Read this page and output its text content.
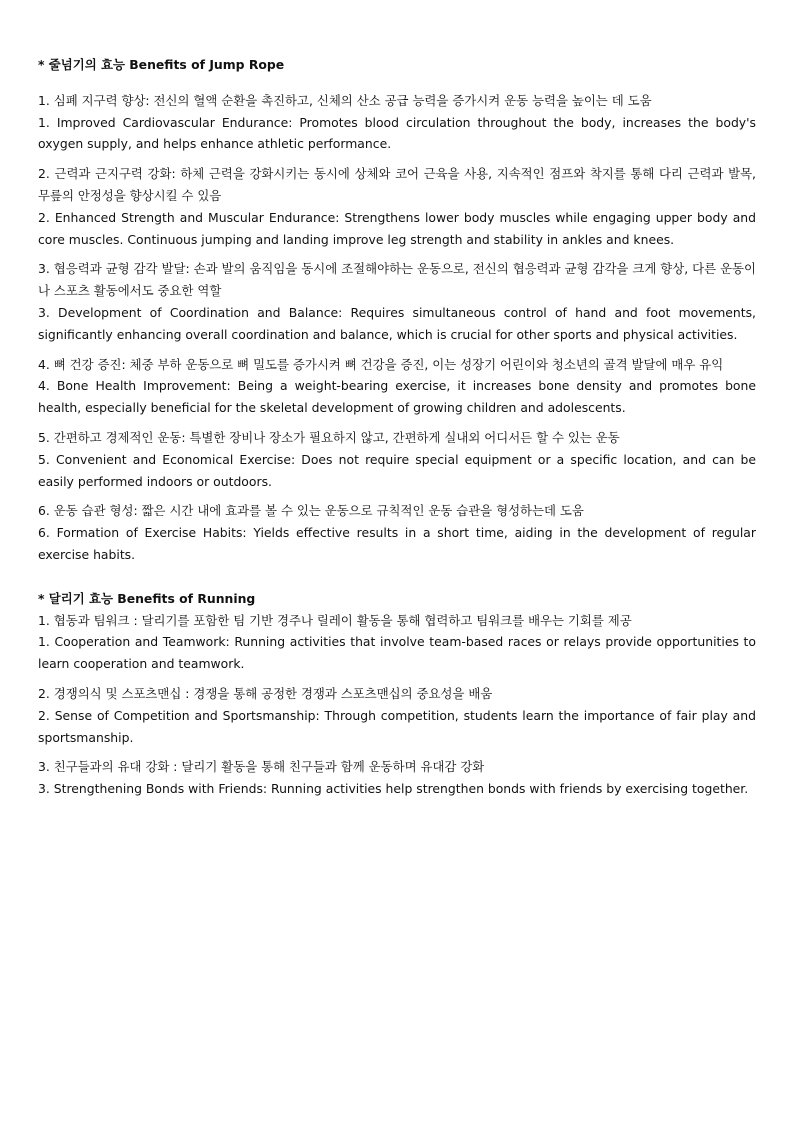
* 줄넘기의 효능 Benefits of Jump Rope

1. 심폐 지구력 향상: 전신의 혈액 순환을 촉진하고, 신체의 산소 공급 능력을 증가시켜 운동 능력을 높이는 데 도움

1. Improved Cardiovascular Endurance: Promotes blood circulation throughout the body, increases the body's oxygen supply, and helps enhance athletic performance.

2. 근력과 근지구력 강화: 하체 근력을 강화시키는 동시에 상체와 코어 근육을 사용, 지속적인 점프와 착지를 통해 다리 근력과 발목, 무릎의 안정성을 향상시킬 수 있음

2. Enhanced Strength and Muscular Endurance: Strengthens lower body muscles while engaging upper body and core muscles. Continuous jumping and landing improve leg strength and stability in ankles and knees.

3. 협응력과 균형 감각 발달: 손과 발의 움직임을 동시에 조절해야하는 운동으로, 전신의 협응력과 균형 감각을 크게 향상, 다른 운동이나 스포츠 활동에서도 중요한 역할

3. Development of Coordination and Balance: Requires simultaneous control of hand and foot movements, significantly enhancing overall coordination and balance, which is crucial for other sports and physical activities.

4. 뼈 건강 증진: 체중 부하 운동으로 뼈 밀도를 증가시켜 뼈 건강을 증진, 이는 성장기 어린이와 청소년의 골격 발달에 매우 유익

4. Bone Health Improvement: Being a weight-bearing exercise, it increases bone density and promotes bone health, especially beneficial for the skeletal development of growing children and adolescents.

5. 간편하고 경제적인 운동: 특별한 장비나 장소가 필요하지 않고, 간편하게 실내외 어디서든 할 수 있는 운동

5. Convenient and Economical Exercise: Does not require special equipment or a specific location, and can be easily performed indoors or outdoors.

6. 운동 습관 형성: 짧은 시간 내에 효과를 볼 수 있는 운동으로 규칙적인 운동 습관을 형성하는데 도움

6. Formation of Exercise Habits: Yields effective results in a short time, aiding in the development of regular exercise habits.

* 달리기 효능 Benefits of Running

1. 협동과 팀워크 : 달리기를 포함한 팀 기반 경주나 릴레이 활동을 통해 협력하고 팀워크를 배우는 기회를 제공

1. Cooperation and Teamwork: Running activities that involve team-based races or relays provide opportunities to learn cooperation and teamwork.

2. 경쟁의식 및 스포츠맨십 : 경쟁을 통해 공정한 경쟁과 스포츠맨십의 중요성을 배움

2. Sense of Competition and Sportsmanship: Through competition, students learn the importance of fair play and sportsmanship.

3. 친구들과의 유대 강화 : 달리기 활동을 통해 친구들과 함께 운동하며 유대감 강화

3. Strengthening Bonds with Friends: Running activities help strengthen bonds with friends by exercising together.
